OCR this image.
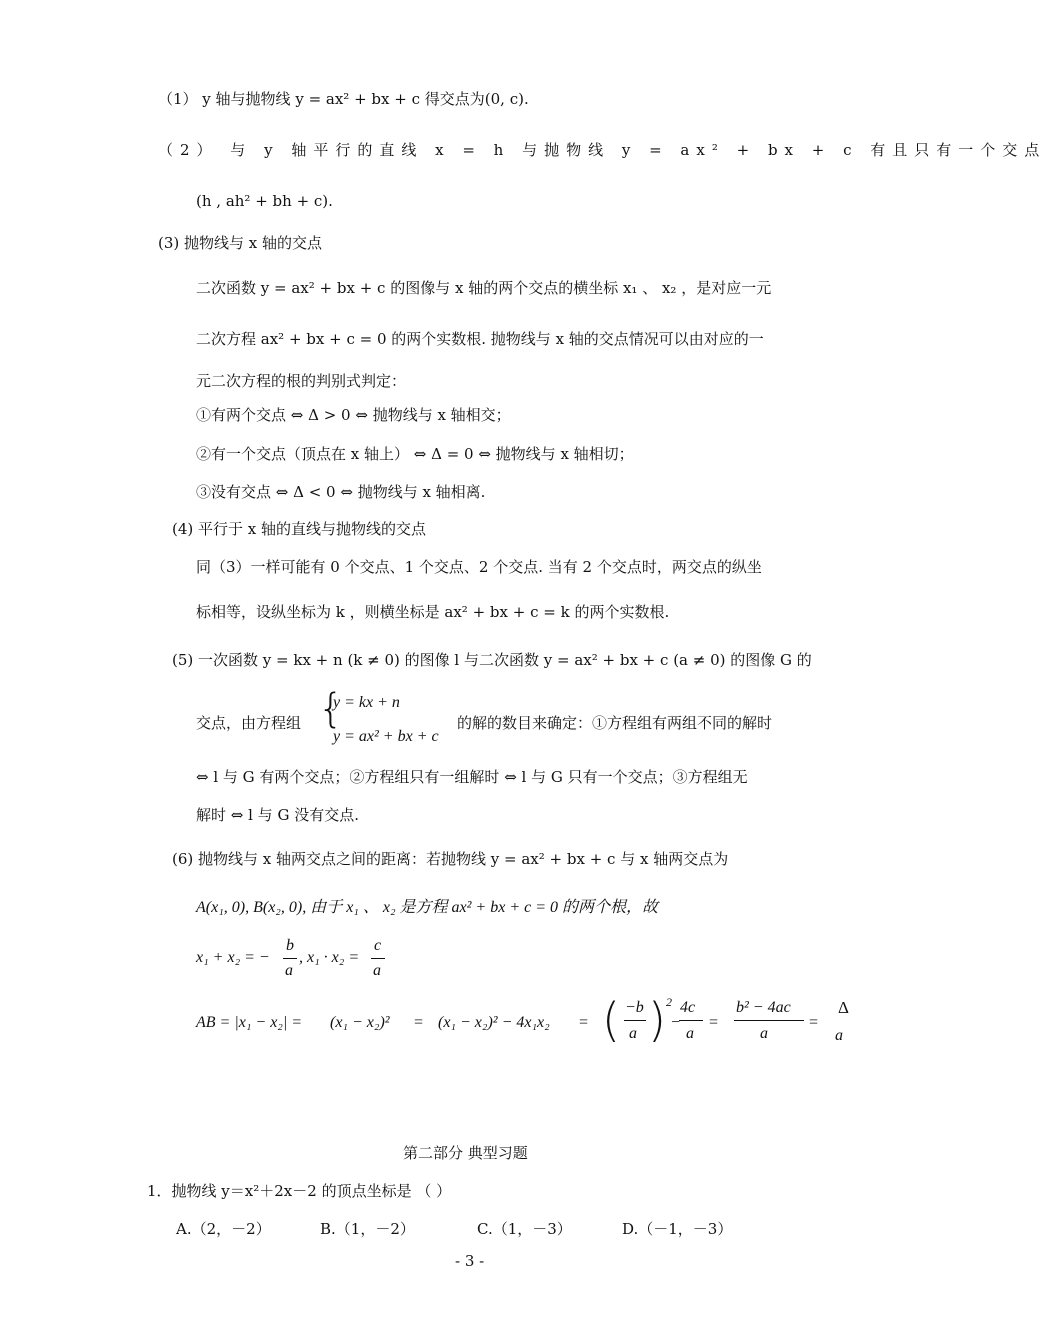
（1） y 轴与抛物线 y = ax² + bx + c 得交点为(0, c).
（2） 与 y 轴平行的直线 x = h 与抛物线 y = ax² + bx + c 有且只有一个交点
(h , ah² + bh + c).
(3) 抛物线与 x 轴的交点
二次函数 y = ax² + bx + c 的图像与 x 轴的两个交点的横坐标 x₁ 、 x₂ ，是对应一元
二次方程 ax² + bx + c = 0 的两个实数根. 抛物线与 x 轴的交点情况可以由对应的一
元二次方程的根的判别式判定：
①有两个交点 ⇔ Δ > 0 ⇔ 抛物线与 x 轴相交；
②有一个交点（顶点在 x 轴上） ⇔ Δ = 0 ⇔ 抛物线与 x 轴相切；
③没有交点 ⇔ Δ < 0 ⇔ 抛物线与 x 轴相离.
(4) 平行于 x 轴的直线与抛物线的交点
同（3）一样可能有 0 个交点、1 个交点、2 个交点. 当有 2 个交点时，两交点的纵坐
标相等，设纵坐标为 k ，则横坐标是 ax² + bx + c = k 的两个实数根.
(5) 一次函数 y = kx + n (k ≠ 0) 的图像 l 与二次函数 y = ax² + bx + c (a ≠ 0) 的图像 G 的
交点，由方程组 {
y = kx + n
y = ax² + bx + c
的解的数目来确定：①方程组有两组不同的解时
⇔ l 与 G 有两个交点；②方程组只有一组解时 ⇔ l 与 G 只有一个交点；③方程组无
解时 ⇔ l 与 G 没有交点.
(6) 抛物线与 x 轴两交点之间的距离：若抛物线 y = ax² + bx + c 与 x 轴两交点为
A(x₁, 0), B(x₂, 0), 由于 x₁ 、 x₂ 是方程 ax² + bx + c = 0 的两个根，故
x₁ + x₂ = −
b
a
, x₁ · x₂ =
c
a
AB = |x₁ − x₂| = (x₁ − x₂)² = (x₁ − x₂)² − 4x₁x₂ = ( −b
a ) 2
−
4c
a
=
b² − 4ac
a
=
Δ
a
第二部分 典型习题
1．抛物线 y＝x²＋2x－2 的顶点坐标是 （ ）
A.（2，－2）	B.（1，－2）	C.（1，－3）	D.（－1，－3）
- 3 -
